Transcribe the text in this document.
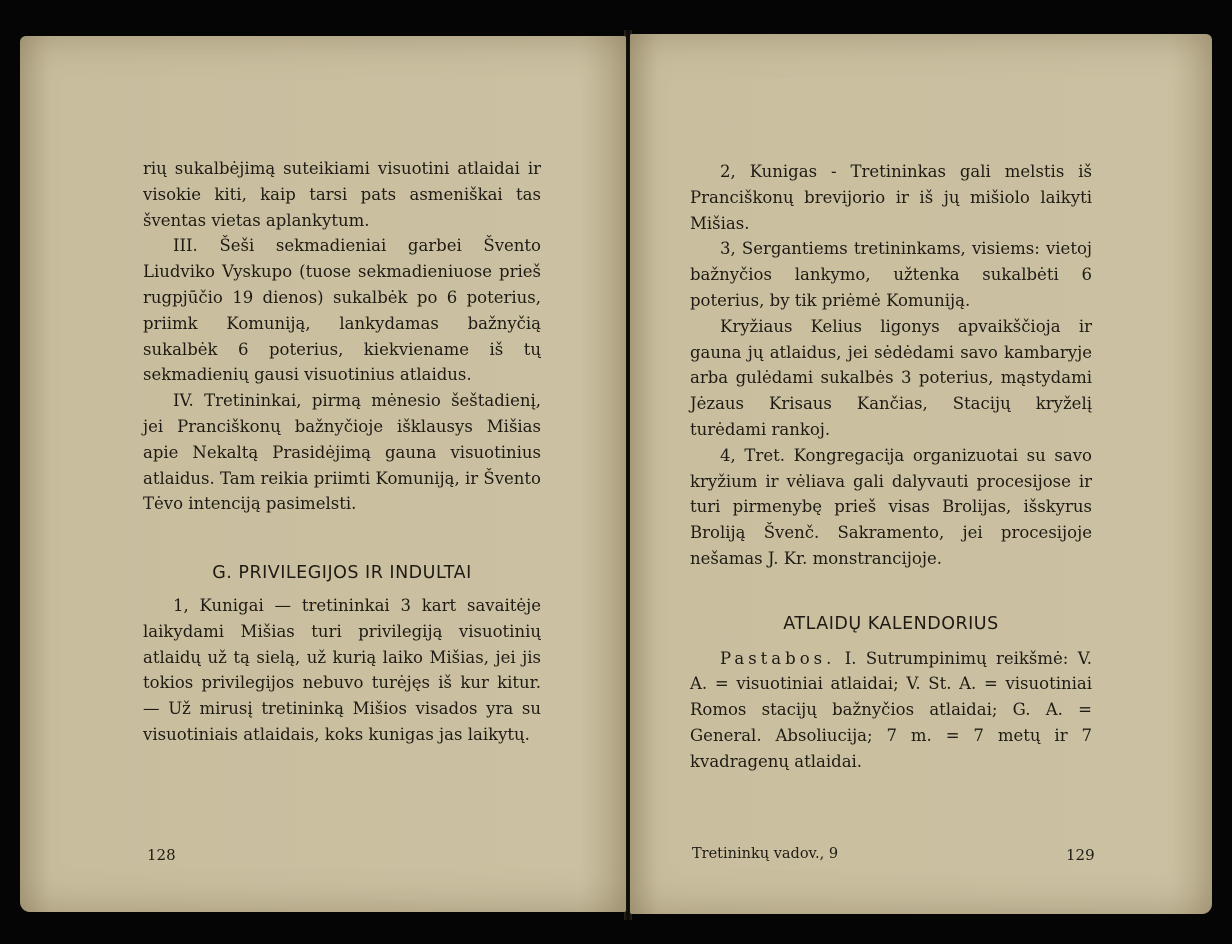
rių sukalbėjimą suteikiami visuotini atlaidai ir visokie kiti, kaip tarsi pats asmeniškai tas šventas vietas aplankytum.

III. Šeši sekmadieniai garbei Švento Liudviko Vyskupo (tuose sekmadieniuose prieš rugpjūčio 19 dienos) sukalbėk po 6 poterius, priimk Komuniją, lankydamas bažnyčią sukalbėk 6 poterius, kiekviename iš tų sekmadienių gausi visuotinius atlaidus.

IV. Tretininkai, pirmą mėnesio šeštadienį, jei Pranciškonų bažnyčioje išklausys Mišias apie Nekaltą Prasidėjimą gauna visuotinius atlaidus. Tam reikia priimti Komuniją, ir Švento Tėvo intenciją pasimelsti.

G. PRIVILEGIJOS IR INDULTAI

1, Kunigai — tretininkai 3 kart savaitėje laikydami Mišias turi privilegiją visuotinių atlaidų už tą sielą, už kurią laiko Mišias, jei jis tokios privilegijos nebuvo turėjęs iš kur kitur. — Už mirusį tretininką Mišios visados yra su visuotiniais atlaidais, koks kunigas jas laikytų.

128

2, Kunigas - Tretininkas gali melstis iš Pranciškonų brevijorio ir iš jų mišiolo laikyti Mišias.

3, Sergantiems tretininkams, visiems: vietoj bažnyčios lankymo, užtenka sukalbėti 6 poterius, by tik priėmė Komuniją.

Kryžiaus Kelius ligonys apvaikščioja ir gauna jų atlaidus, jei sėdėdami savo kambaryje arba gulėdami sukalbės 3 poterius, mąstydami Jėzaus Krisaus Kančias, Stacijų kryželį turėdami rankoj.

4, Tret. Kongregacija organizuotai su savo kryžium ir vėliava gali dalyvauti procesijose ir turi pirmenybę prieš visas Brolijas, išskyrus Broliją Švenč. Sakramento, jei procesijoje nešamas J. Kr. monstrancijoje.

ATLAIDŲ KALENDORIUS

Pastabos. I. Sutrumpinimų reikšmė: V. A. = visuotiniai atlaidai; V. St. A. = visuotiniai Romos stacijų bažnyčios atlaidai; G. A. = General. Absoliucija; 7 m. = 7 metų ir 7 kvadragenų atlaidai.

Tretininkų vadov., 9	129
